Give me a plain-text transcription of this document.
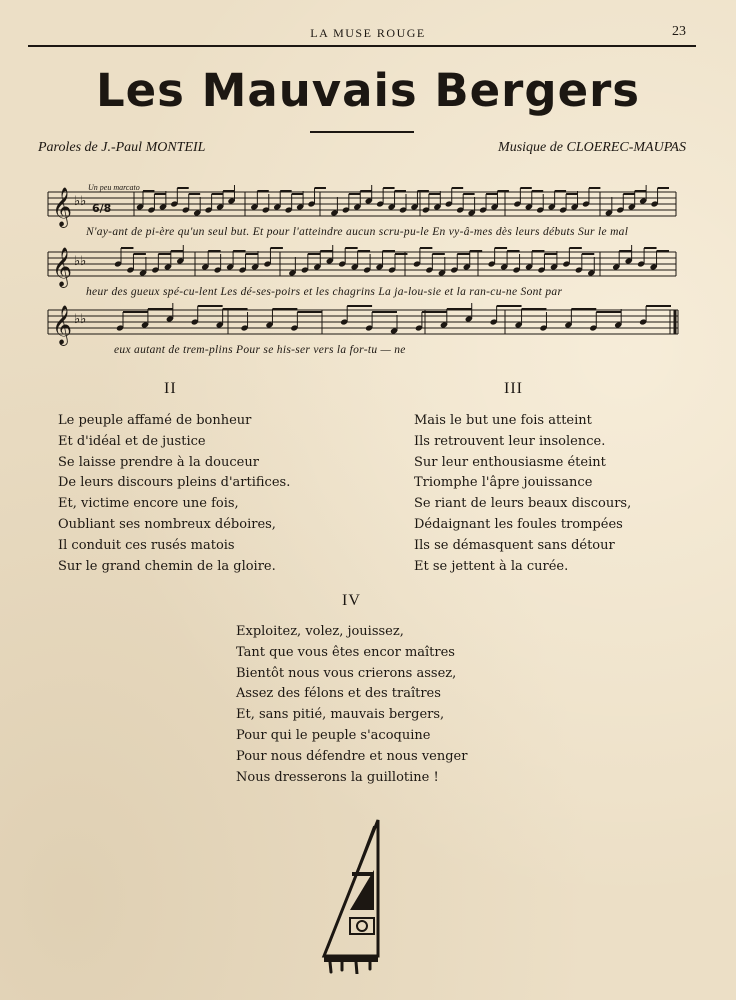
LA MUSE ROUGE	23
Les Mauvais Bergers
Paroles de J.-Paul MONTEIL	Musique de CLOEREC-MAUPAS
Un peu marcato
𝄞 ♭♭ 6/8
𝄞 ♭♭
𝄞 ♭♭
N'ay-ant de pi-ère qu'un seul but. Et pour l'atteindre aucun scru-pu-le En vy-â-mes dès leurs débuts Sur le mal
heur des gueux spé-cu-lent Les dé-ses-poirs et les chagrins La ja-lou-sie et la ran-cu-ne Sont par
eux autant de trem-plins Pour se his-ser vers la for-tu — ne
II
Le peuple affamé de bonheur
Et d'idéal et de justice
Se laisse prendre à la douceur
De leurs discours pleins d'artifices.
Et, victime encore une fois,
Oubliant ses nombreux déboires,
Il conduit ces rusés matois
Sur le grand chemin de la gloire.
III
Mais le but une fois atteint
Ils retrouvent leur insolence.
Sur leur enthousiasme éteint
Triomphe l'âpre jouissance
Se riant de leurs beaux discours,
Dédaignant les foules trompées
Ils se démasquent sans détour
Et se jettent à la curée.
IV
Exploitez, volez, jouissez,
Tant que vous êtes encor maîtres
Bientôt nous vous crierons assez,
Assez des félons et des traîtres
Et, sans pitié, mauvais bergers,
Pour qui le peuple s'acoquine
Pour nous défendre et nous venger
Nous dresserons la guillotine !
